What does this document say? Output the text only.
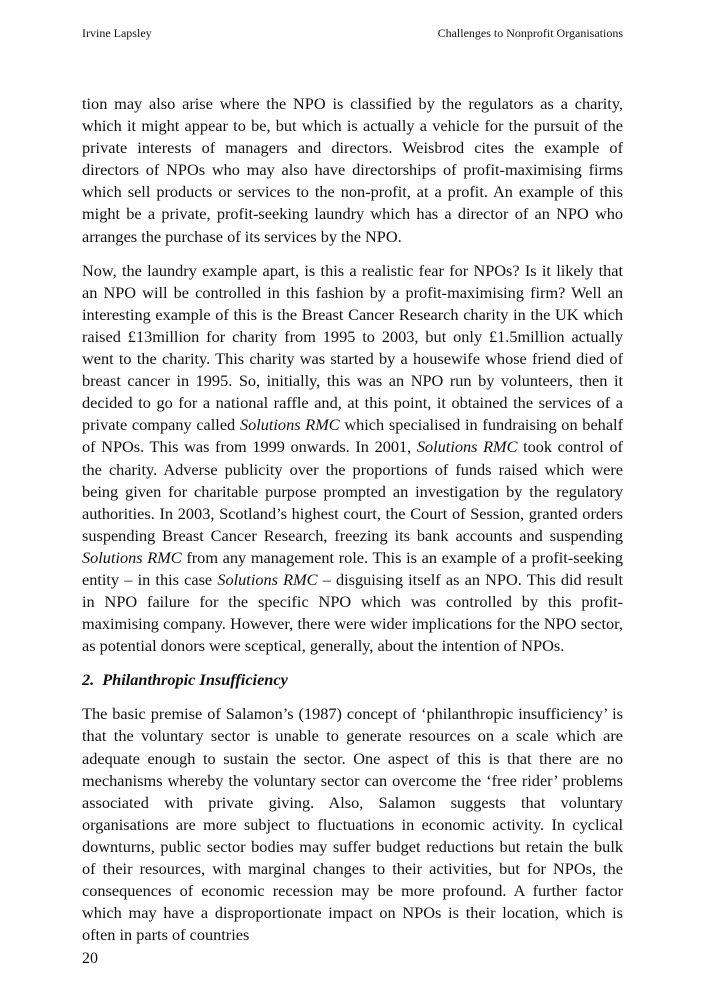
Irvine Lapsley	Challenges to Nonprofit Organisations

tion may also arise where the NPO is classified by the regulators as a charity, which it might appear to be, but which is actually a vehicle for the pursuit of the private interests of managers and directors. Weisbrod cites the example of directors of NPOs who may also have directorships of profit-maximising firms which sell products or services to the non-profit, at a profit. An example of this might be a private, profit-seeking laundry which has a director of an NPO who arranges the purchase of its services by the NPO.

Now, the laundry example apart, is this a realistic fear for NPOs? Is it likely that an NPO will be controlled in this fashion by a profit-maximising firm? Well an interesting example of this is the Breast Cancer Research charity in the UK which raised £13million for charity from 1995 to 2003, but only £1.5million actually went to the charity. This charity was started by a housewife whose friend died of breast cancer in 1995. So, initially, this was an NPO run by volunteers, then it decided to go for a national raffle and, at this point, it obtained the services of a private company called Solutions RMC which specialised in fundraising on behalf of NPOs. This was from 1999 onwards. In 2001, Solutions RMC took control of the charity. Adverse publicity over the proportions of funds raised which were being given for charitable purpose prompted an investigation by the regulatory authorities. In 2003, Scotland’s highest court, the Court of Session, granted orders suspending Breast Cancer Research, freezing its bank accounts and suspending Solutions RMC from any management role. This is an example of a profit-seeking entity – in this case Solutions RMC – disguising itself as an NPO. This did result in NPO failure for the specific NPO which was controlled by this profit-maximising company. However, there were wider implications for the NPO sector, as potential donors were sceptical, generally, about the intention of NPOs.

2. Philanthropic Insufficiency

The basic premise of Salamon’s (1987) concept of ‘philanthropic insufficiency’ is that the voluntary sector is unable to generate resources on a scale which are adequate enough to sustain the sector. One aspect of this is that there are no mechanisms whereby the voluntary sector can overcome the ‘free rider’ problems associated with private giving. Also, Salamon suggests that voluntary organisations are more subject to fluctuations in economic activity. In cyclical downturns, public sector bodies may suffer budget reductions but retain the bulk of their resources, with marginal changes to their activities, but for NPOs, the consequences of economic recession may be more profound. A further factor which may have a disproportionate impact on NPOs is their location, which is often in parts of countries

20
